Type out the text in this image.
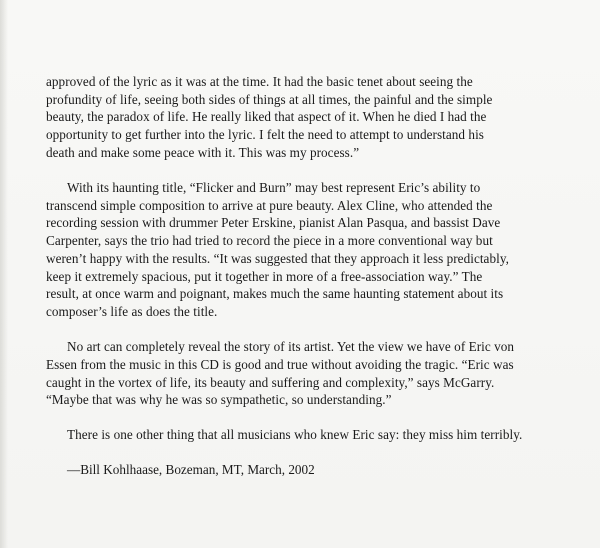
approved of the lyric as it was at the time. It had the basic tenet about seeing the
profundity of life, seeing both sides of things at all times, the painful and the simple
beauty, the paradox of life. He really liked that aspect of it. When he died I had the
opportunity to get further into the lyric. I felt the need to attempt to understand his
death and make some peace with it. This was my process.”

With its haunting title, “Flicker and Burn” may best represent Eric’s ability to
transcend simple composition to arrive at pure beauty. Alex Cline, who attended the
recording session with drummer Peter Erskine, pianist Alan Pasqua, and bassist Dave
Carpenter, says the trio had tried to record the piece in a more conventional way but
weren’t happy with the results. “It was suggested that they approach it less predictably,
keep it extremely spacious, put it together in more of a free-association way.” The
result, at once warm and poignant, makes much the same haunting statement about its
composer’s life as does the title.

No art can completely reveal the story of its artist. Yet the view we have of Eric von
Essen from the music in this CD is good and true without avoiding the tragic. “Eric was
caught in the vortex of life, its beauty and suffering and complexity,” says McGarry.
“Maybe that was why he was so sympathetic, so understanding.”

There is one other thing that all musicians who knew Eric say: they miss him terribly.

—Bill Kohlhaase, Bozeman, MT, March, 2002
